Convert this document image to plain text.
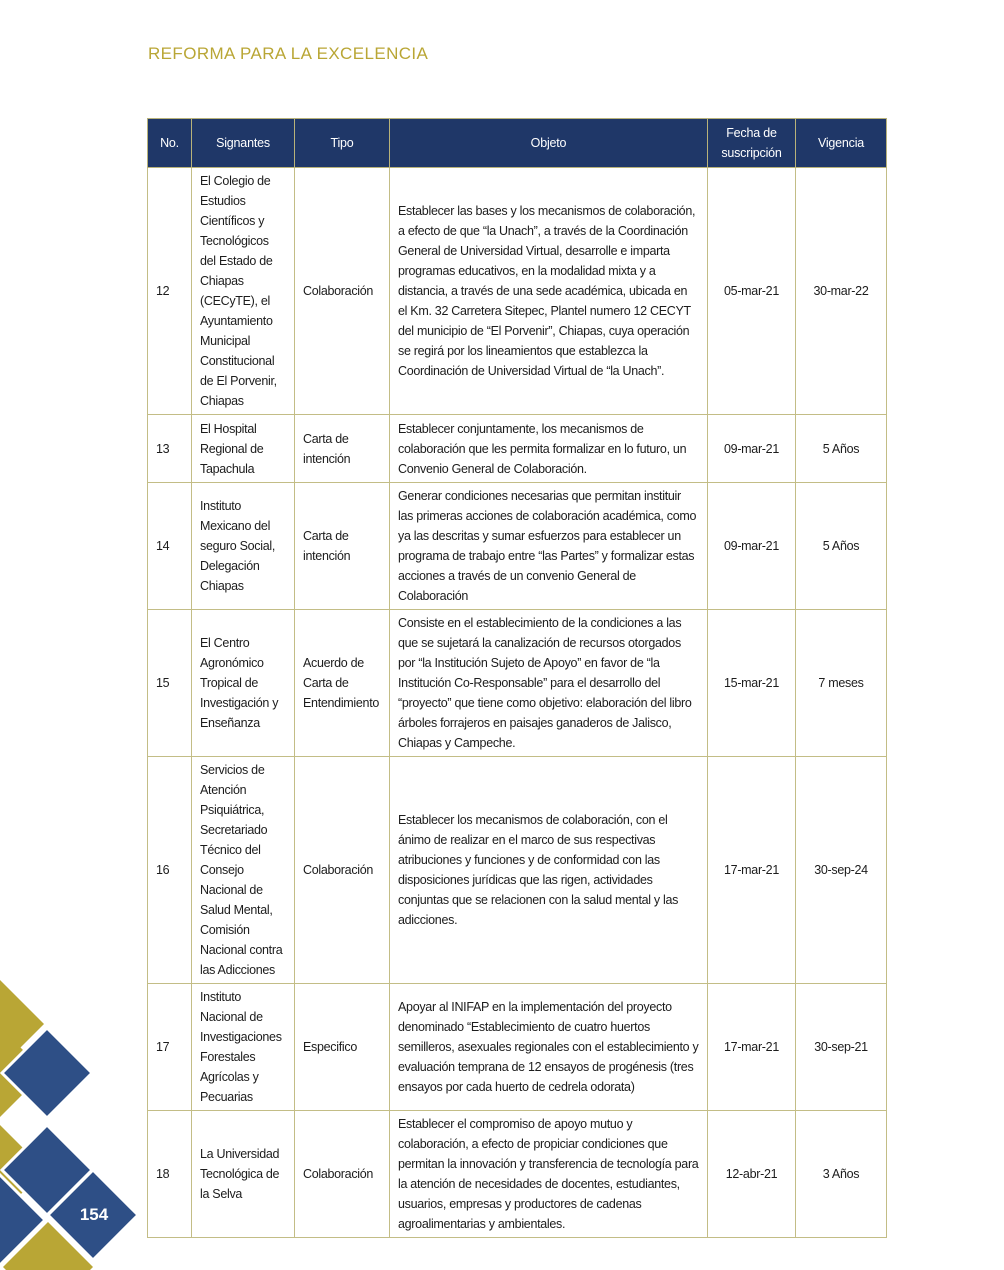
REFORMA PARA LA EXCELENCIA
No.	Signantes	Tipo	Objeto	Fecha de suscripción	Vigencia
12	El Colegio de Estudios Científicos y Tecnológicos del Estado de Chiapas (CECyTE), el Ayuntamiento Municipal Constitucional de El Porvenir, Chiapas	Colaboración	Establecer las bases y los mecanismos de colaboración, a efecto de que “la Unach”, a través de la Coordinación General de Universidad Virtual, desarrolle e imparta programas educativos, en la modalidad mixta y a distancia, a través de una sede académica, ubicada en el Km. 32 Carretera Sitepec, Plantel numero 12 CECYT del municipio de “El Porvenir”, Chiapas, cuya operación se regirá por los lineamientos que establezca la Coordinación de Universidad Virtual de “la Unach”.	05-mar-21	30-mar-22
13	El Hospital Regional de Tapachula	Carta de intención	Establecer conjuntamente, los mecanismos de colaboración que les permita formalizar en lo futuro, un Convenio General de Colaboración.	09-mar-21	5 Años
14	Instituto Mexicano del seguro Social, Delegación Chiapas	Carta de intención	Generar condiciones necesarias que permitan instituir las primeras acciones de colaboración académica, como ya las descritas y sumar esfuerzos para establecer un programa de trabajo entre “las Partes” y formalizar estas acciones a través de un convenio General de Colaboración	09-mar-21	5 Años
15	El Centro Agronómico Tropical de Investigación y Enseñanza	Acuerdo de Carta de Entendimiento	Consiste en el establecimiento de la condiciones a las que se sujetará la canalización de recursos otorgados por “la Institución Sujeto de Apoyo” en favor de “la Institución Co-Responsable” para el desarrollo del “proyecto” que tiene como objetivo: elaboración del libro árboles forrajeros en paisajes ganaderos de Jalisco, Chiapas y Campeche.	15-mar-21	7 meses
16	Servicios de Atención Psiquiátrica, Secretariado Técnico del Consejo Nacional de Salud Mental, Comisión Nacional contra las Adicciones	Colaboración	Establecer los mecanismos de colaboración, con el ánimo de realizar en el marco de sus respectivas atribuciones y funciones y de conformidad con las disposiciones jurídicas que las rigen, actividades conjuntas que se relacionen con la salud mental y las adicciones.	17-mar-21	30-sep-24
17	Instituto Nacional de Investigaciones Forestales Agrícolas y Pecuarias	Especifico	Apoyar al INIFAP en la implementación del proyecto denominado “Establecimiento de cuatro huertos semilleros, asexuales regionales con el establecimiento y evaluación temprana de 12 ensayos de progénesis (tres ensayos por cada huerto de cedrela odorata)	17-mar-21	30-sep-21
18	La Universidad Tecnológica de la Selva	Colaboración	Establecer el compromiso de apoyo mutuo y colaboración, a efecto de propiciar condiciones que permitan la innovación y transferencia de tecnología para la atención de necesidades de docentes, estudiantes, usuarios, empresas y productores de cadenas agroalimentarias y ambientales.	12-abr-21	3 Años
154
